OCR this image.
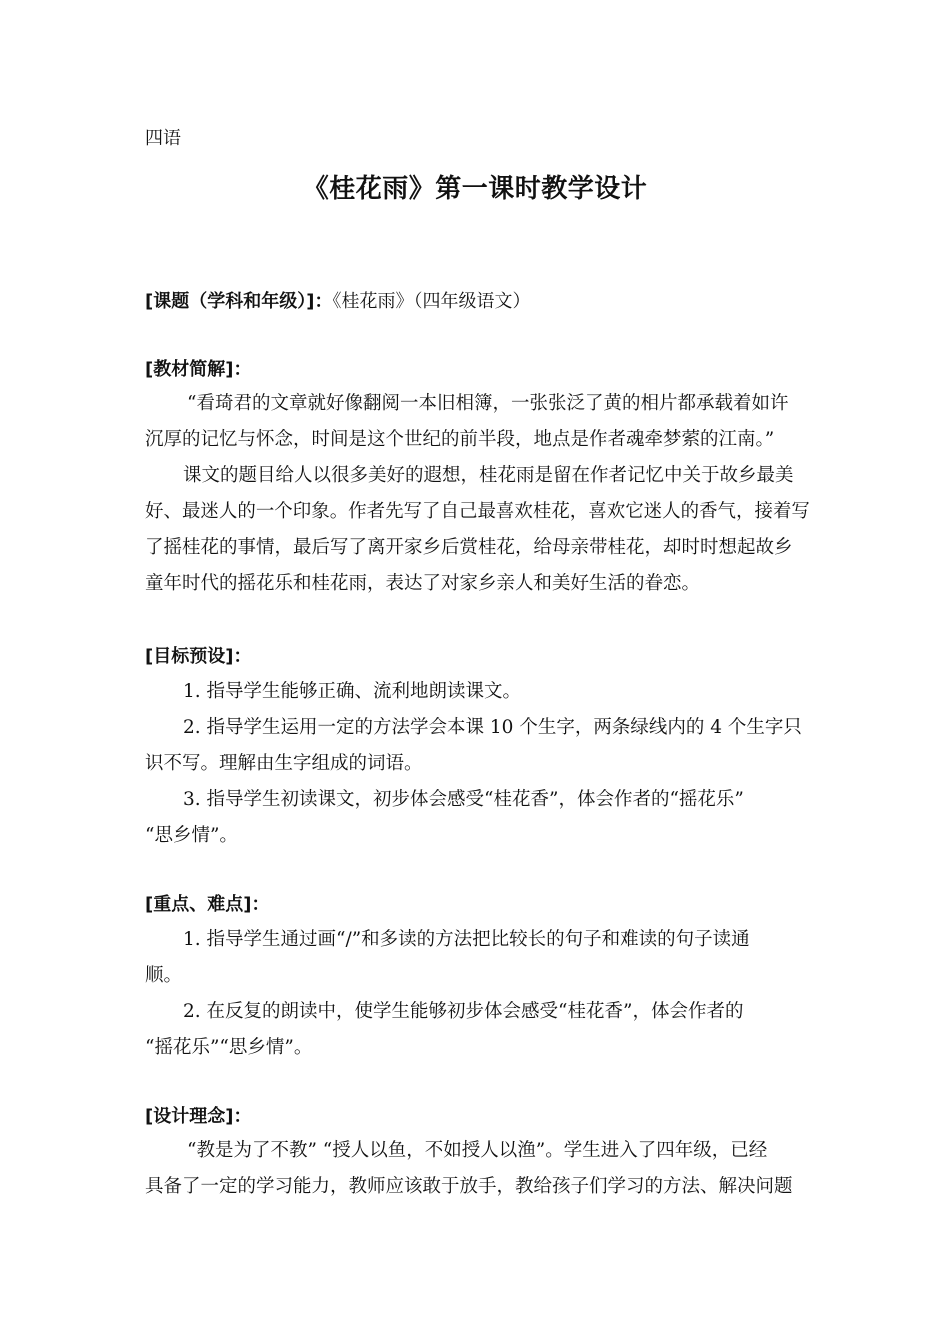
四语
《桂花雨》第一课时教学设计
[课题（学科和年级）]：《桂花雨》（四年级语文）
[教材简解]：
“看琦君的文章就好像翻阅一本旧相簿，一张张泛了黄的相片都承载着如许
沉厚的记忆与怀念，时间是这个世纪的前半段，地点是作者魂牵梦萦的江南。”
课文的题目给人以很多美好的遐想，桂花雨是留在作者记忆中关于故乡最美
好、最迷人的一个印象。作者先写了自己最喜欢桂花，喜欢它迷人的香气，接着写
了摇桂花的事情，最后写了离开家乡后赏桂花，给母亲带桂花，却时时想起故乡
童年时代的摇花乐和桂花雨，表达了对家乡亲人和美好生活的眷恋。
[目标预设]：
1. 指导学生能够正确、流利地朗读课文。
2. 指导学生运用一定的方法学会本课 10 个生字，两条绿线内的 4 个生字只
识不写。理解由生字组成的词语。
3. 指导学生初读课文，初步体会感受“桂花香”，体会作者的“摇花乐”
“思乡情”。
[重点、难点]：
1. 指导学生通过画“/”和多读的方法把比较长的句子和难读的句子读通
顺。
2. 在反复的朗读中，使学生能够初步体会感受“桂花香”，体会作者的
“摇花乐”“思乡情”。
[设计理念]：
“教是为了不教” “授人以鱼，不如授人以渔”。学生进入了四年级，已经
具备了一定的学习能力，教师应该敢于放手，教给孩子们学习的方法、解决问题
